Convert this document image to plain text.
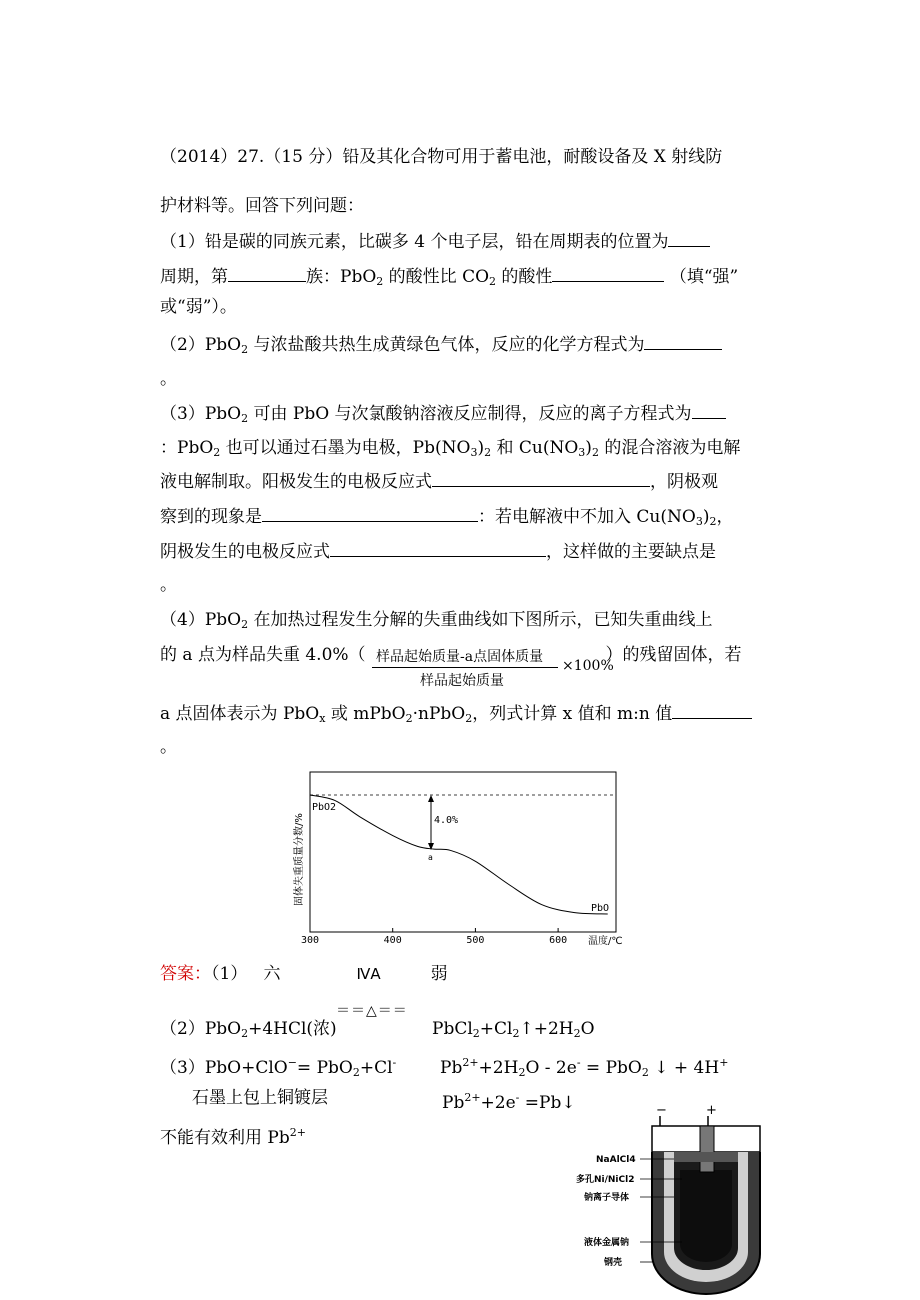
（2014）27.（15 分）铅及其化合物可用于蓄电池，耐酸设备及 X 射线防
护材料等。回答下列问题：
（1）铅是碳的同族元素，比碳多 4 个电子层，铅在周期表的位置为
周期，第	族：PbO$_2$ 的酸性比 $CO_2$ 的酸性	（填“强”
或“弱”）。
（2）PbO$_2$ 与浓盐酸共热生成黄绿色气体，反应的化学方程式为
。
（3）PbO$_2$ 可由 PbO 与次氯酸钠溶液反应制得，反应的离子方程式为
：PbO$_2$ 也可以通过石墨为电极，$Pb(NO_3)_2$ 和 $Cu(NO_3)_2$ 的混合溶液为电解
液电解制取。阳极发生的电极反应式	，阴极观
察到的现象是	：若电解液中不加入 $Cu(NO_3)_2$，
阴极发生的电极反应式	，这样做的主要缺点是
。
（4）PbO$_2$ 在加热过程发生分解的失重曲线如下图所示，已知失重曲线上
的 a 点为样品失重 4.0%（	）的残留固体，若
样品起始质量-a点固体质量
样品起始质量
×100%
a 点固体表示为 PbO$_x$ 或 mPbO$_2$·nPbO$_2$，列式计算 x 值和 m:n 值
。
4.0%
PbO2
a
PbO
300	400	500	600 温度/℃
固体失重质量分数/%
答案：（1） 六	ⅣA	弱
（2）PbO$_2$+4HCl(浓)
＝＝△＝＝
$PbCl_2+Cl_2↑+2H_2O$
（3）PbO+ClO−= PbO$_2$+Cl-	$Pb^{2+}+2H_2O - 2e^- = PbO_2$ ↓ + 4H+
石墨上包上铜镀层	$Pb^{2+}+2e^-$ =Pb↓
不能有效利用 $Pb^{2+}$
−	+
NaAlCl4
多孔Ni/NiCl2
钠离子导体
液体金属钠
钢壳
